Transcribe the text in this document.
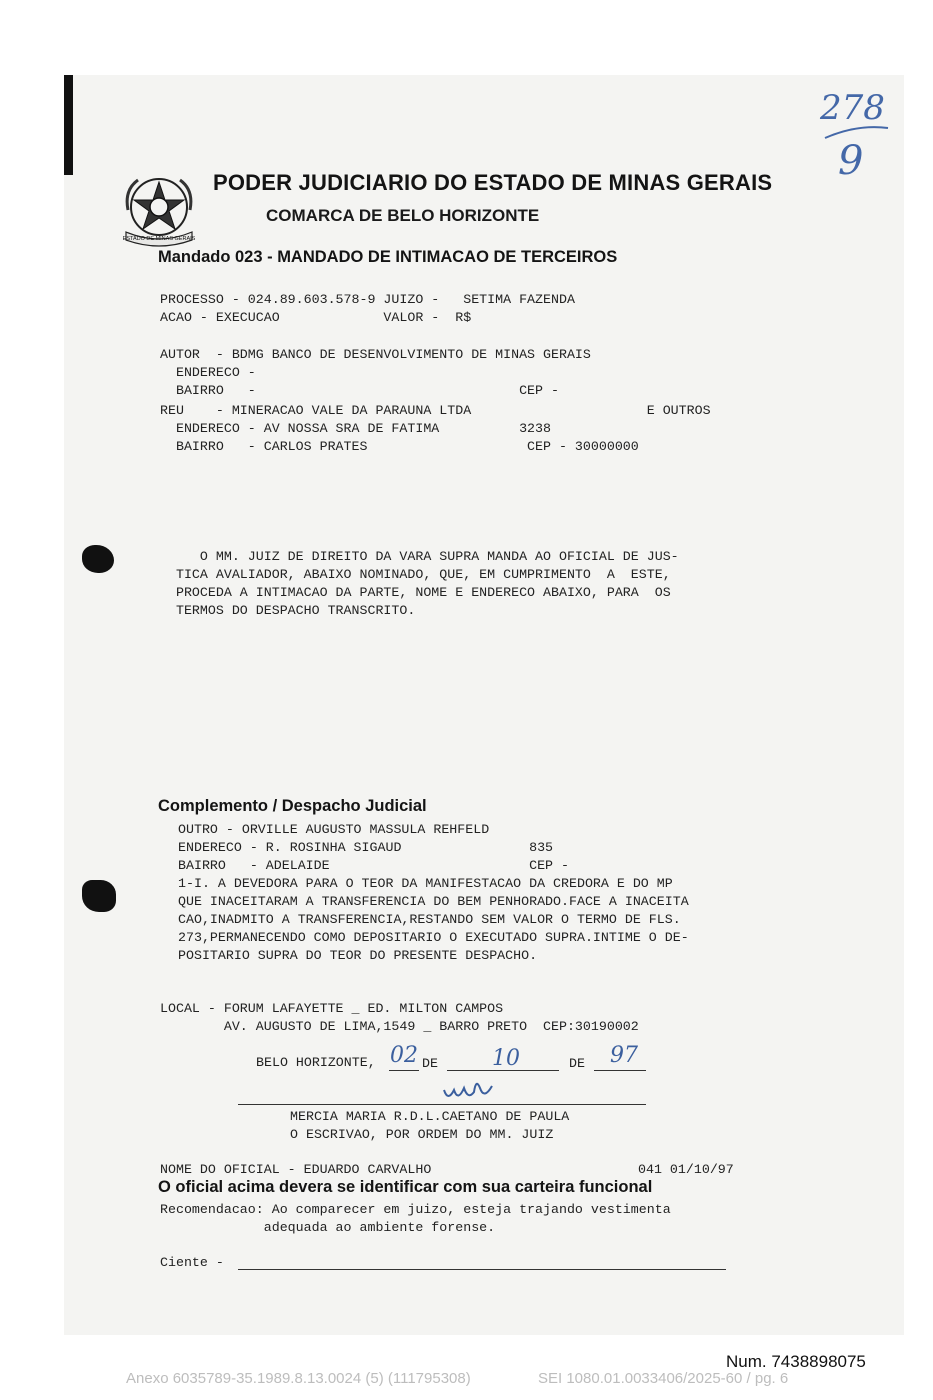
ESTADO DE MINAS GERAIS
PODER JUDICIARIO DO ESTADO DE MINAS GERAIS
COMARCA DE BELO HORIZONTE
Mandado 023 - MANDADO DE INTIMACAO DE TERCEIROS
278
9
PROCESSO - 024.89.603.578-9 JUIZO -   SETIMA FAZENDA
ACAO - EXECUCAO             VALOR -  R$
AUTOR  - BDMG BANCO DE DESENVOLVIMENTO DE MINAS GERAIS
ENDERECO -
BAIRRO   -                                 CEP -
REU    - MINERACAO VALE DA PARAUNA LTDA                      E OUTROS
ENDERECO - AV NOSSA SRA DE FATIMA          3238
BAIRRO   - CARLOS PRATES                    CEP - 30000000
O MM. JUIZ DE DIREITO DA VARA SUPRA MANDA AO OFICIAL DE JUS-
TICA AVALIADOR, ABAIXO NOMINADO, QUE, EM CUMPRIMENTO  A  ESTE,
PROCEDA A INTIMACAO DA PARTE, NOME E ENDERECO ABAIXO, PARA  OS
TERMOS DO DESPACHO TRANSCRITO.
Complemento / Despacho Judicial
OUTRO - ORVILLE AUGUSTO MASSULA REHFELD
ENDERECO - R. ROSINHA SIGAUD                835
BAIRRO   - ADELAIDE                         CEP -
1-I. A DEVEDORA PARA O TEOR DA MANIFESTACAO DA CREDORA E DO MP
QUE INACEITARAM A TRANSFERENCIA DO BEM PENHORADO.FACE A INACEITA
CAO,INADMITO A TRANSFERENCIA,RESTANDO SEM VALOR O TERMO DE FLS.
273,PERMANECENDO COMO DEPOSITARIO O EXECUTADO SUPRA.INTIME O DE-
POSITARIO SUPRA DO TEOR DO PRESENTE DESPACHO.
LOCAL - FORUM LAFAYETTE _ ED. MILTON CAMPOS
AV. AUGUSTO DE LIMA,1549 _ BARRO PRETO  CEP:30190002
BELO HORIZONTE, 02 DE 10	DE 97
MERCIA MARIA R.D.L.CAETANO DE PAULA
O ESCRIVAO, POR ORDEM DO MM. JUIZ
NOME DO OFICIAL - EDUARDO CARVALHO	041 01/10/97
O oficial acima devera se identificar com sua carteira funcional
Recomendacao: Ao comparecer em juizo, esteja trajando vestimenta
adequada ao ambiente forense.
Ciente -
Num. 7438898075
Anexo 6035789-35.1989.8.13.0024 (5) (111795308)	SEI 1080.01.0033406/2025-60 / pg. 6
